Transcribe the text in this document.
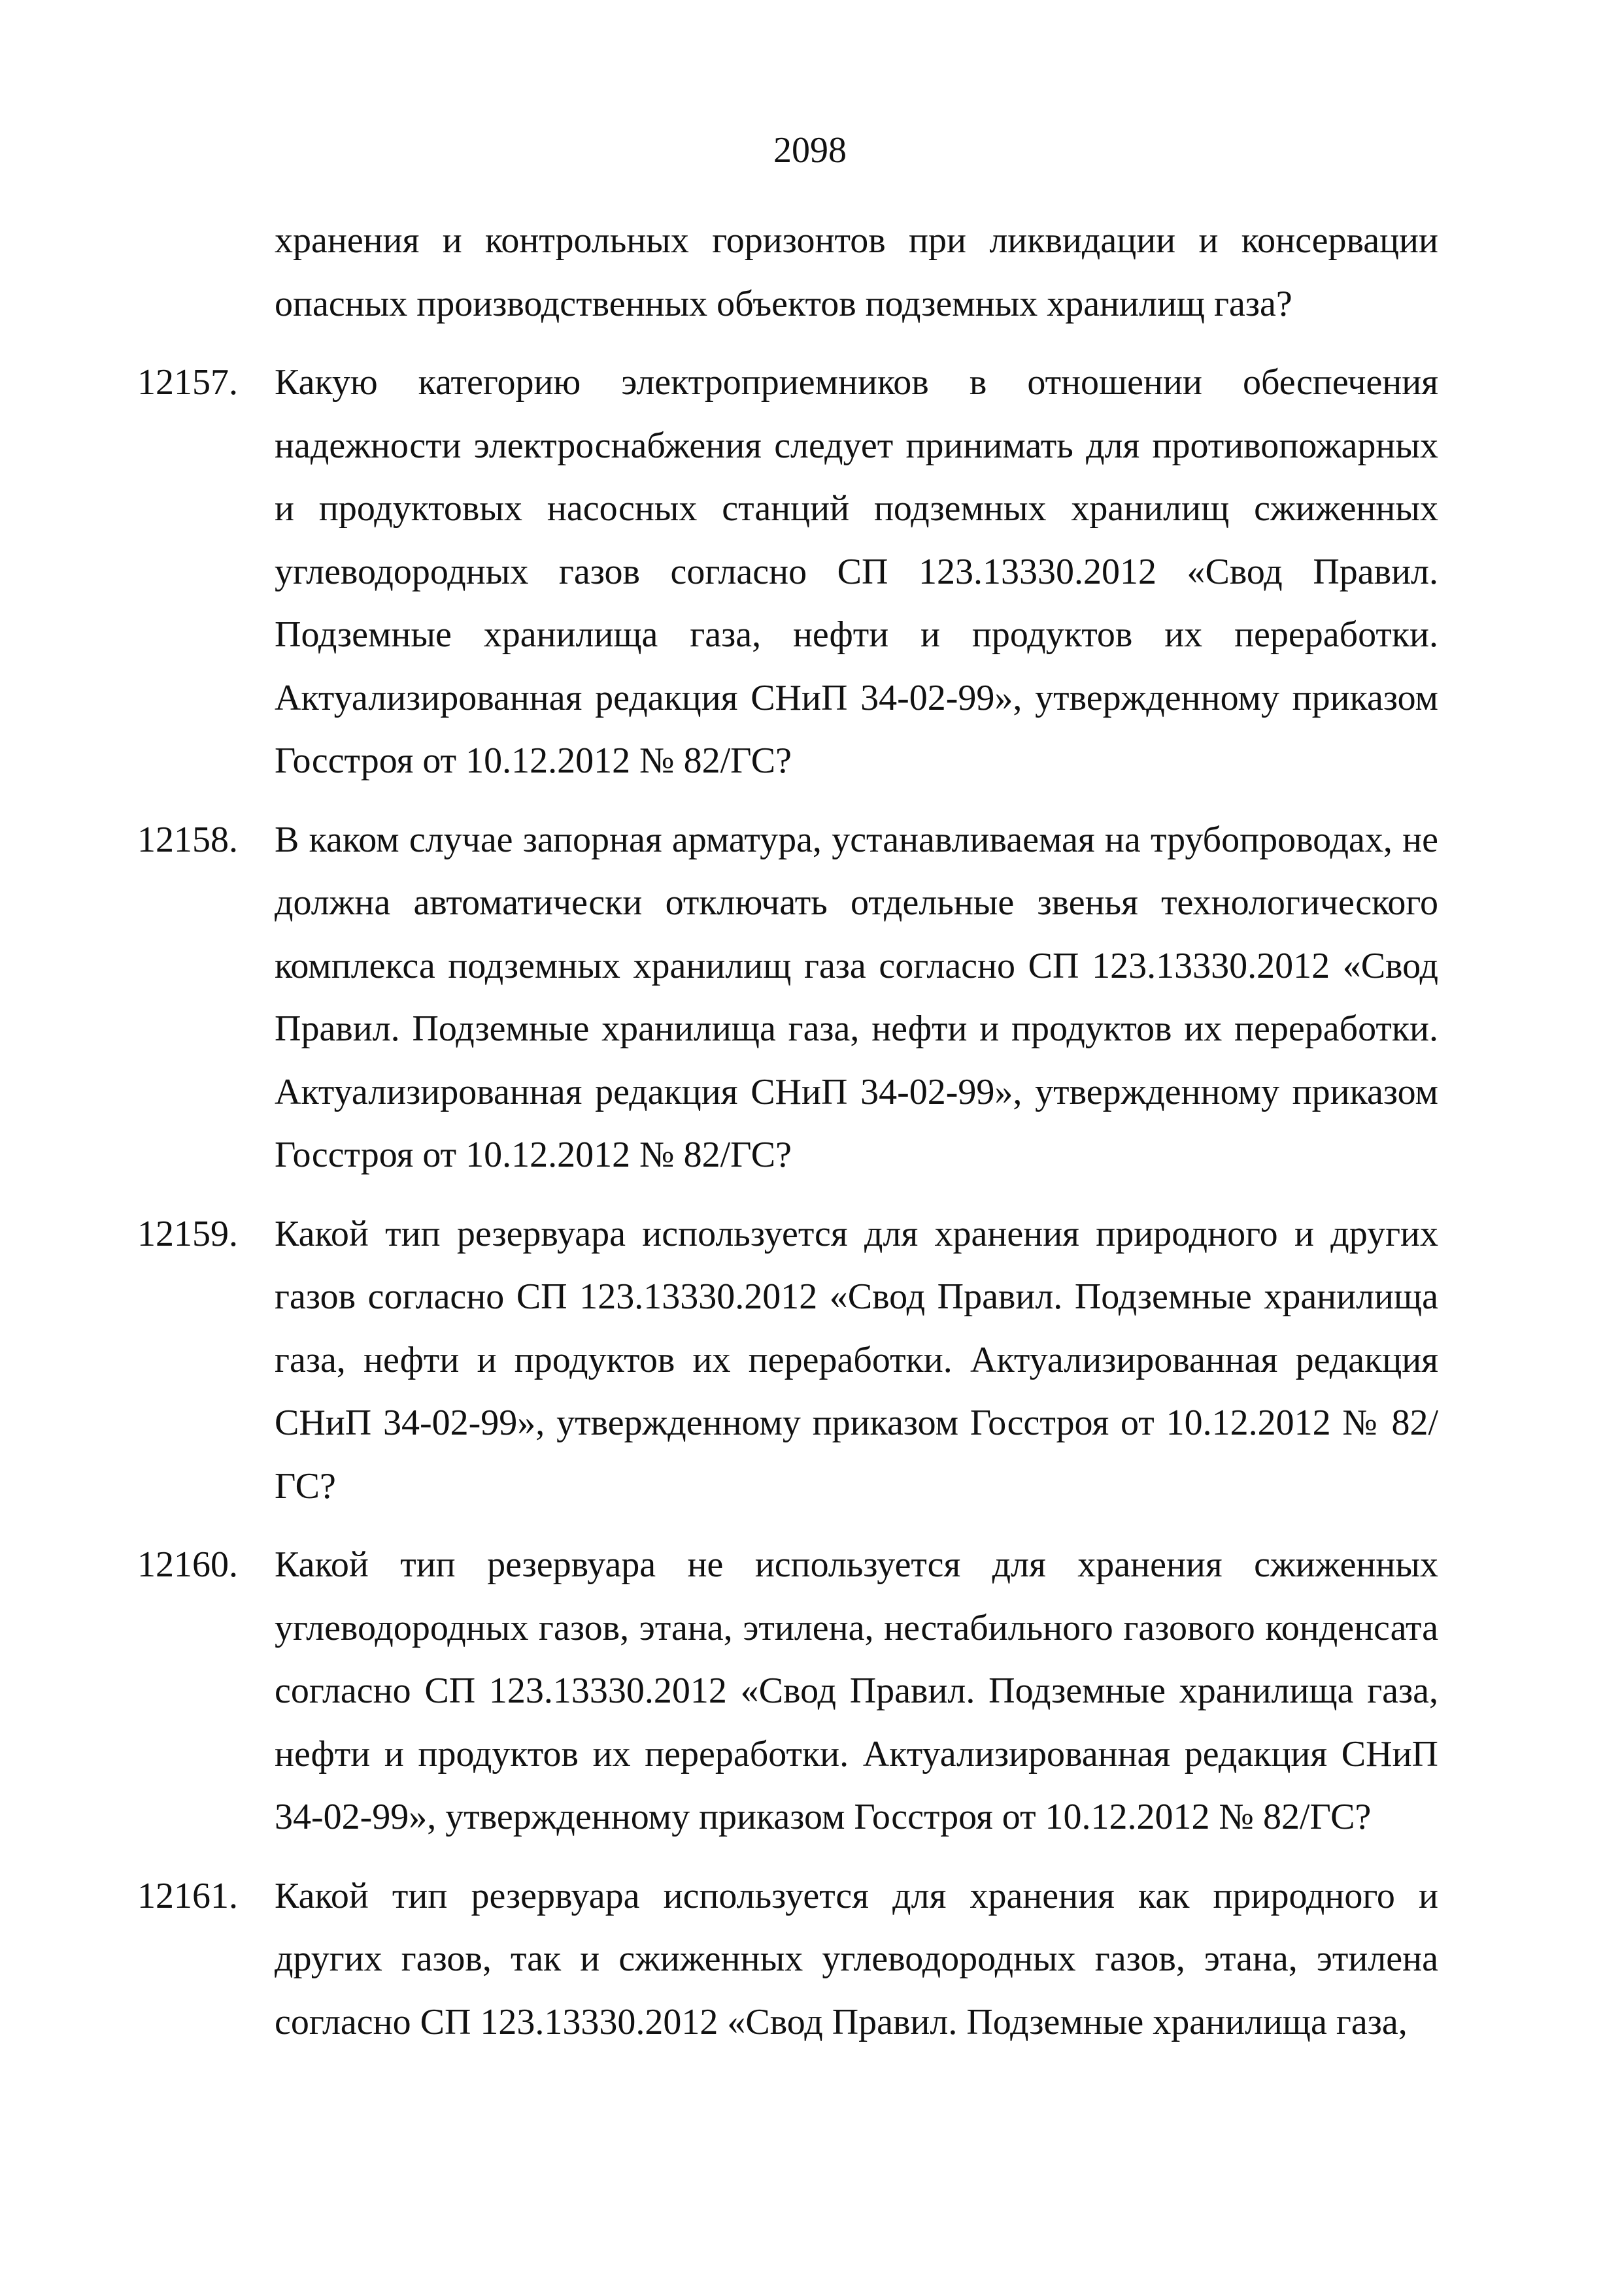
2098
хранения и контрольных горизонтов при ликвидации и консервации опасных производственных объектов подземных хранилищ газа?
12157. Какую категорию электроприемников в отношении обеспечения надежности электроснабжения следует принимать для противопожарных и продуктовых насосных станций подземных хранилищ сжиженных углеводородных газов согласно СП 123.13330.2012 «Свод Правил. Подземные хранилища газа, нефти и продуктов их переработки. Актуализированная редакция СНиП 34-02-99», утвержденному приказом Госстроя от 10.12.2012 № 82/ГС?
12158. В каком случае запорная арматура, устанавливаемая на трубопроводах, не должна автоматически отключать отдельные звенья технологического комплекса подземных хранилищ газа согласно СП 123.13330.2012 «Свод Правил. Подземные хранилища газа, нефти и продуктов их переработки. Актуализированная редакция СНиП 34-02-99», утвержденному приказом Госстроя от 10.12.2012 № 82/ГС?
12159. Какой тип резервуара используется для хранения природного и других газов согласно СП 123.13330.2012 «Свод Правил. Подземные хранилища газа, нефти и продуктов их переработки. Актуализированная редакция СНиП 34-02-99», утвержденному приказом Госстроя от 10.12.2012 № 82/ГС?
12160. Какой тип резервуара не используется для хранения сжиженных углеводородных газов, этана, этилена, нестабильного газового конденсата согласно СП 123.13330.2012 «Свод Правил. Подземные хранилища газа, нефти и продуктов их переработки. Актуализированная редакция СНиП 34-02-99», утвержденному приказом Госстроя от 10.12.2012 № 82/ГС?
12161. Какой тип резервуара используется для хранения как природного и других газов, так и сжиженных углеводородных газов, этана, этилена согласно СП 123.13330.2012 «Свод Правил. Подземные хранилища газа,
